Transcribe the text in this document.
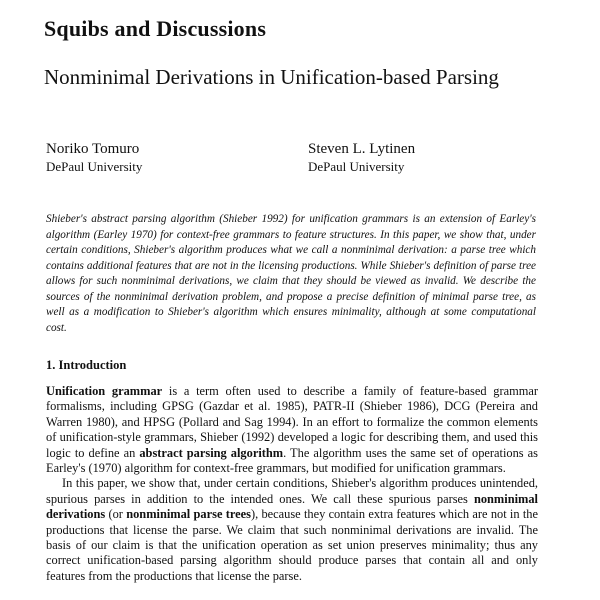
Squibs and Discussions
Nonminimal Derivations in Unification-based Parsing
Noriko Tomuro
DePaul University
Steven L. Lytinen
DePaul University

Shieber's abstract parsing algorithm (Shieber 1992) for unification grammars is an extension of Earley's algorithm (Earley 1970) for context-free grammars to feature structures. In this paper, we show that, under certain conditions, Shieber's algorithm produces what we call a nonminimal derivation: a parse tree which contains additional features that are not in the licensing productions. While Shieber's definition of parse tree allows for such nonminimal derivations, we claim that they should be viewed as invalid. We describe the sources of the nonminimal derivation problem, and propose a precise definition of minimal parse tree, as well as a modification to Shieber's algorithm which ensures minimality, although at some computational cost.

1. Introduction

Unification grammar is a term often used to describe a family of feature-based grammar formalisms, including GPSG (Gazdar et al. 1985), PATR-II (Shieber 1986), DCG (Pereira and Warren 1980), and HPSG (Pollard and Sag 1994). In an effort to formalize the common elements of unification-style grammars, Shieber (1992) developed a logic for describing them, and used this logic to define an abstract parsing algorithm. The algorithm uses the same set of operations as Earley's (1970) algorithm for context-free grammars, but modified for unification grammars.

In this paper, we show that, under certain conditions, Shieber's algorithm produces unintended, spurious parses in addition to the intended ones. We call these spurious parses nonminimal derivations (or nonminimal parse trees), because they contain extra features which are not in the productions that license the parse. We claim that such nonminimal derivations are invalid. The basis of our claim is that the unification operation as set union preserves minimality; thus any correct unification-based parsing algorithm should produce parses that contain all and only features from the productions that license the parse.
